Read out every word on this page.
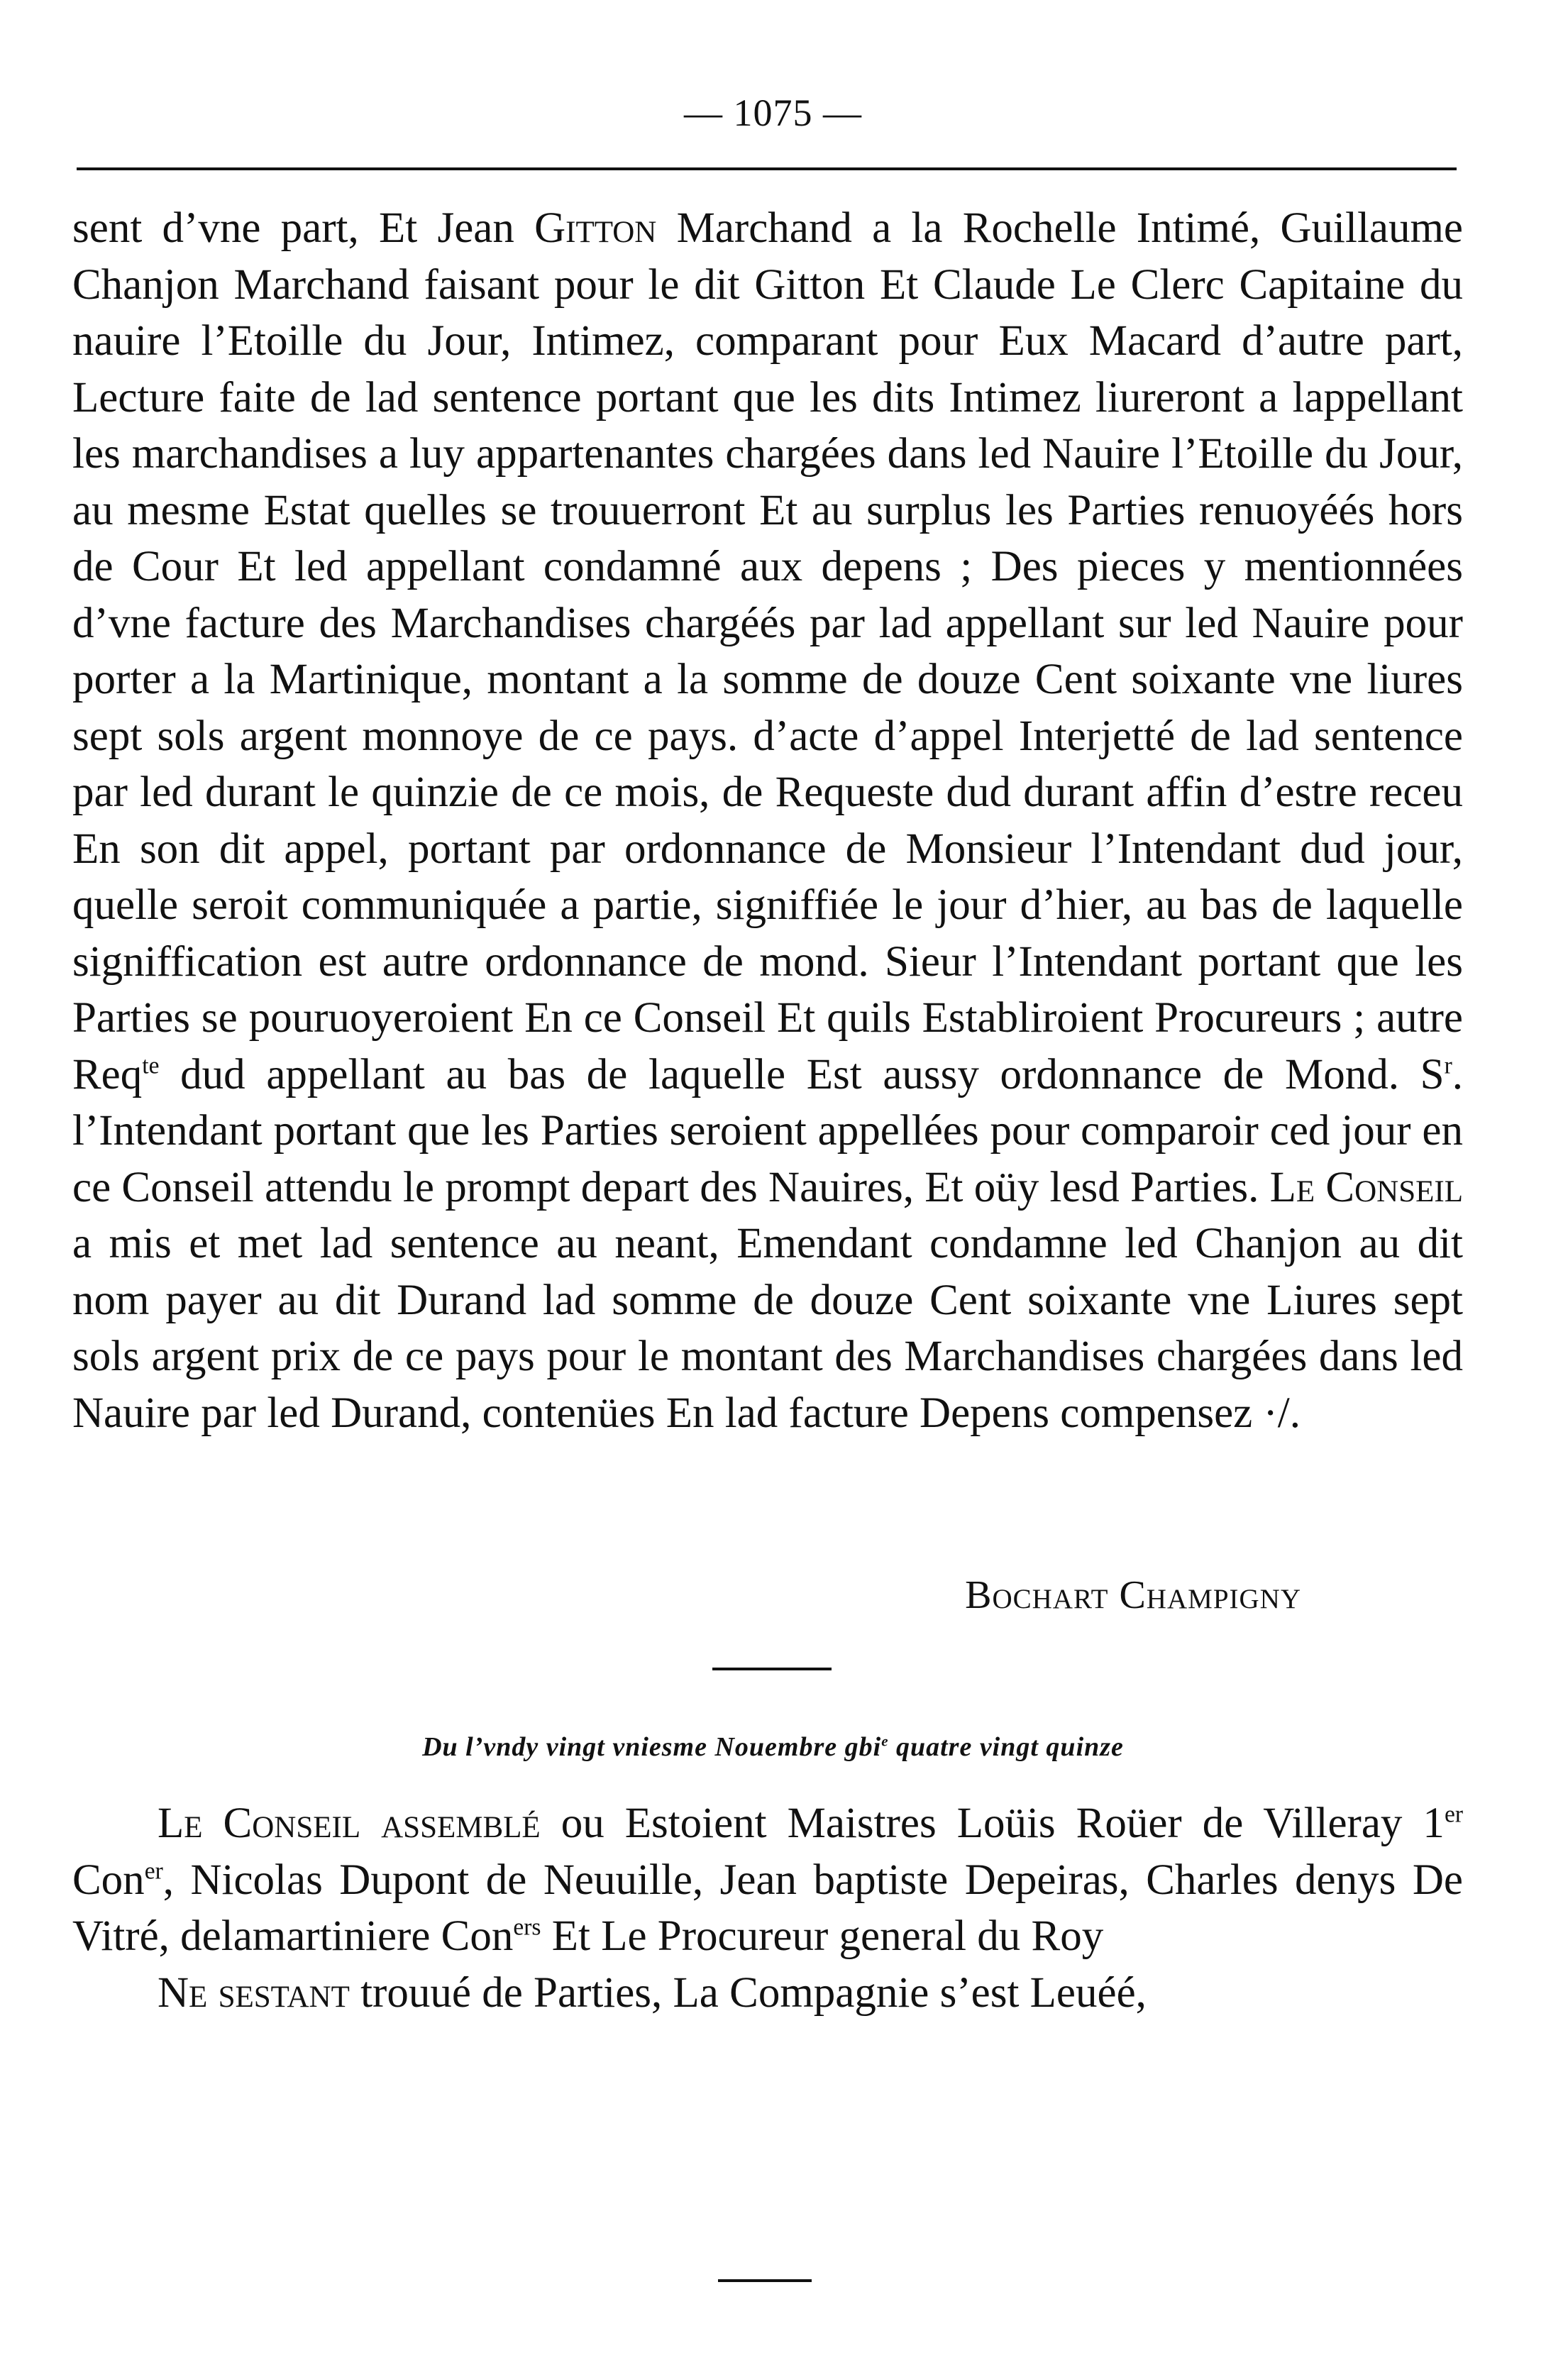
— 1075 —
sent d’vne part, Et Jean Gitton Marchand a la Rochelle Intimé, Guillaume Chanjon Marchand faisant pour le dit Gitton Et Claude Le Clerc Capitaine du nauire l’Etoille du Jour, Intimez, comparant pour Eux Macard d’autre part, Lecture faite de lad sentence portant que les dits Intimez liureront a lappellant les marchandises a luy appartenantes chargées dans led Nauire l’Etoille du Jour, au mesme Estat quelles se trouuerront Et au surplus les Parties renuoyéés hors de Cour Et led appellant condamné aux depens ; Des pieces y mentionnées d’vne facture des Marchandises chargéés par lad appellant sur led Nauire pour porter a la Martinique, montant a la somme de douze Cent soixante vne liures sept sols argent monnoye de ce pays. d’acte d’appel Interjetté de lad sentence par led durant le quinzie de ce mois, de Requeste dud durant affin d’estre receu En son dit appel, portant par ordonnance de Monsieur l’Intendant dud jour, quelle seroit communiquée a partie, signiffiée le jour d’hier, au bas de laquelle signiffication est autre ordonnance de mond. Sieur l’Intendant portant que les Parties se pouruoyeroient En ce Conseil Et quils Establiroient Procureurs ; autre Req$^{te}$ dud appellant au bas de laquelle Est aussy ordonnance de Mond. $S^r$. l’Intendant portant que les Parties seroient appellées pour comparoir ced jour en ce Conseil attendu le prompt depart des Nauires, Et oüy lesd Parties. Le Conseil a mis et met lad sentence au neant, Emendant condamne led Chanjon au dit nom payer au dit Durand lad somme de douze Cent soixante vne Liures sept sols argent prix de ce pays pour le montant des Marchandises chargées dans led Nauire par led Durand, contenües En lad facture Depens compensez ·/.
Bochart Champigny
Du l’vndy vingt vniesme Nouembre gbi$^e$ quatre vingt quinze

Le Conseil assemblé ou Estoient Maistres Loüis Roüer de Villeray 1er Con$^{er}$, Nicolas Dupont de Neuuille, Jean baptiste Depeiras, Charles denys De Vitré, delamartiniere Con$^{ers}$ Et Le Procureur general du Roy

Ne sestant trouué de Parties, La Compagnie s’est Leuéé,
